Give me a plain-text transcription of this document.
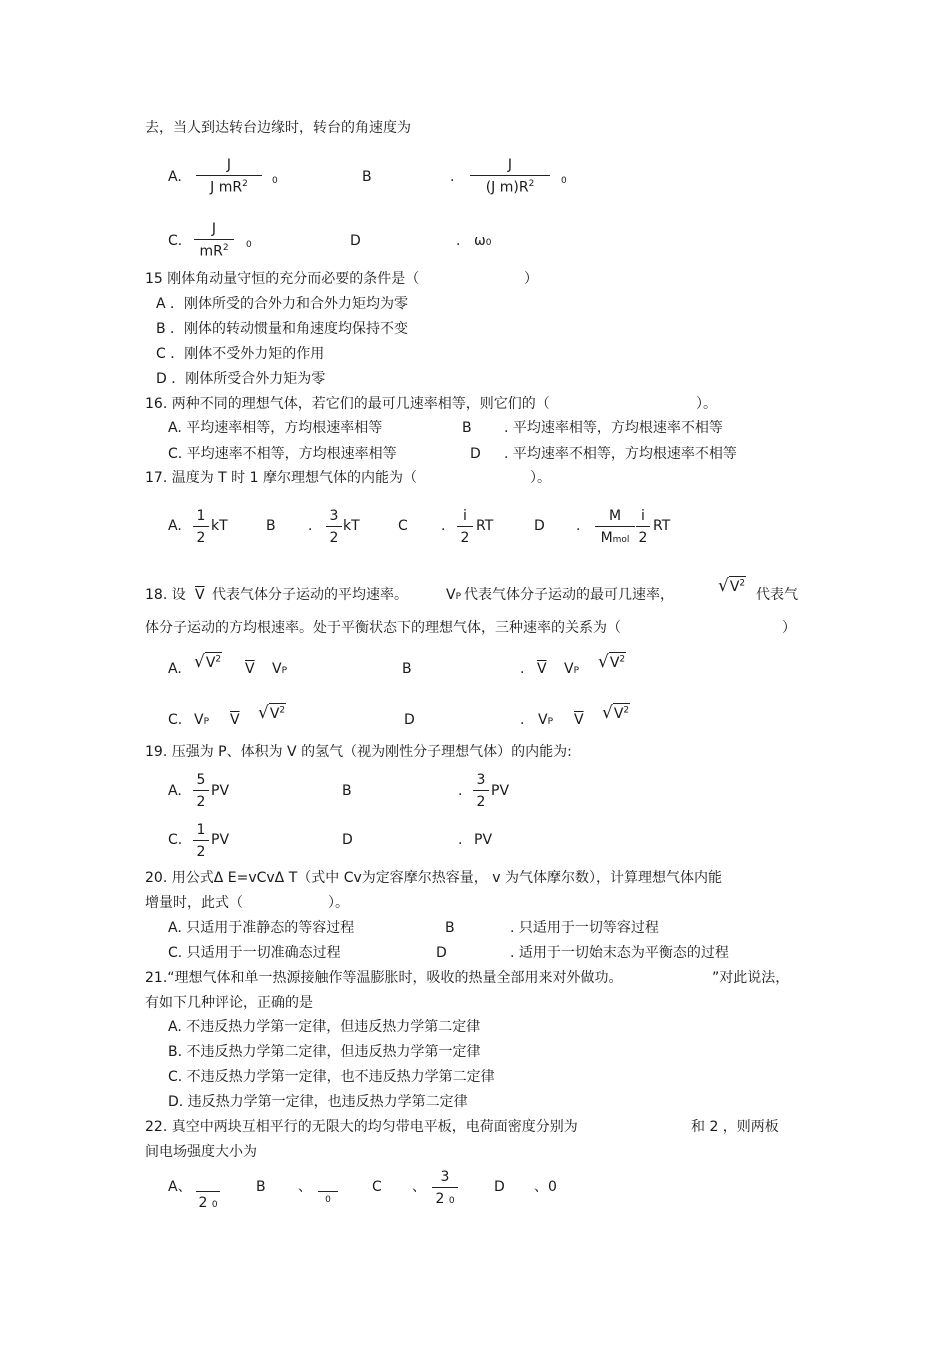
去，当人到达转台边缘时，转台的角速度为
A. $\frac{J}{J mR^2} 0$	B	. $\frac{J}{(J m)R^2} 0$
C. $\frac{J}{mR^2} 0$	D	. ω0
15 刚体角动量守恒的充分而必要的条件是（	）
A ．刚体所受的合外力和合外力矩均为零
B ．刚体的转动惯量和角速度均保持不变
C ．刚体不受外力矩的作用
D ．刚体所受合外力矩为零
16. 两种不同的理想气体，若它们的最可几速率相等，则它们的（	）。
A. 平均速率相等，方均根速率相等	B . 平均速率相等，方均根速率不相等
C. 平均速率不相等，方均根速率相等	D . 平均速率不相等，方均根速率不相等
17. 温度为 T 时 1 摩尔理想气体的内能为（	）。
A. $\frac{1}{2}$ kT	B . $\frac{3}{2}$ kT	C . $\frac{i}{2}$ RT	D .
M
Mmol $\frac{i}{2}$ RT
18. 设 $\overline{V}$ 代表气体分子运动的平均速率。	VP 代表气体分子运动的最可几速率，	$√V^2$
代表气
体分子运动的方均根速率。处于平衡状态下的理想气体，三种速率的关系为（	）
A. $√V^2$
$\overline{V}$ VP	B	. $\overline{V}$ VP $√V^2$
C. VP $\overline{V}$ $√V^2$
D	. VP $\overline{V}$ $√V^2$
19. 压强为 P、体积为 V 的氢气（视为刚性分子理想气体）的内能为:
A. $\frac{5}{2}$ PV	B	. $\frac{3}{2}$ PV
C. $\frac{1}{2}$ PV	D	. PV
20. 用公式Δ E=vCvΔ T（式中 Cv为定容摩尔热容量， v 为气体摩尔数），计算理想气体内能
增量时，此式（	）。
A. 只适用于准静态的等容过程	B	. 只适用于一切等容过程
C. 只适用于一切准确态过程	D	. 适用于一切始末态为平衡态的过程
21.“理想气体和单一热源接触作等温膨胀时，吸收的热量全部用来对外做功。	”对此说法，
有如下几种评论，正确的是
A. 不违反热力学第一定律，但违反热力学第二定律
B. 不违反热力学第二定律，但违反热力学第一定律
C. 不违反热力学第一定律，也不违反热力学第二定律
D. 违反热力学第一定律，也违反热力学第二定律
22. 真空中两块互相平行的无限大的均匀带电平板，电荷面密度分别为	和 2 ，则两板
间电场强度大小为
A、

2 0
B 、

0
C 、 $\frac{3}{2 0}$	D 、0
